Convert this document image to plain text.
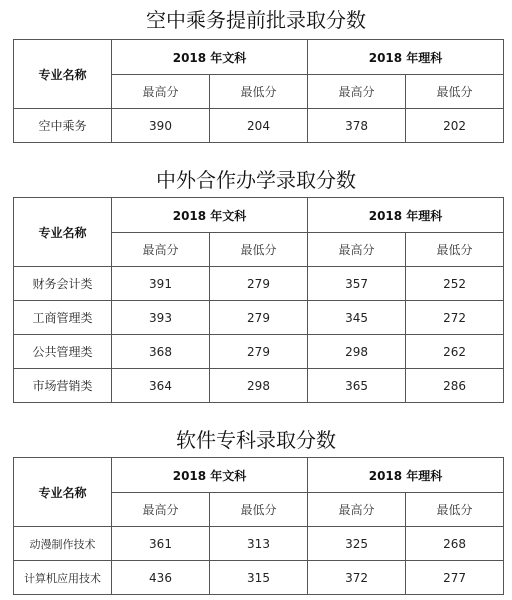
空中乘务提前批录取分数
专业名称	2018 年文科		2018 年理科	
	最高分	最低分	最高分	最低分
空中乘务	390	204	378	202
中外合作办学录取分数
专业名称	2018 年文科		2018 年理科	
	最高分	最低分	最高分	最低分
财务会计类	391	279	357	252
工商管理类	393	279	345	272
公共管理类	368	279	298	262
市场营销类	364	298	365	286
软件专科录取分数
专业名称	2018 年文科		2018 年理科	
	最高分	最低分	最高分	最低分
动漫制作技术	361	313	325	268
计算机应用技术	436	315	372	277
